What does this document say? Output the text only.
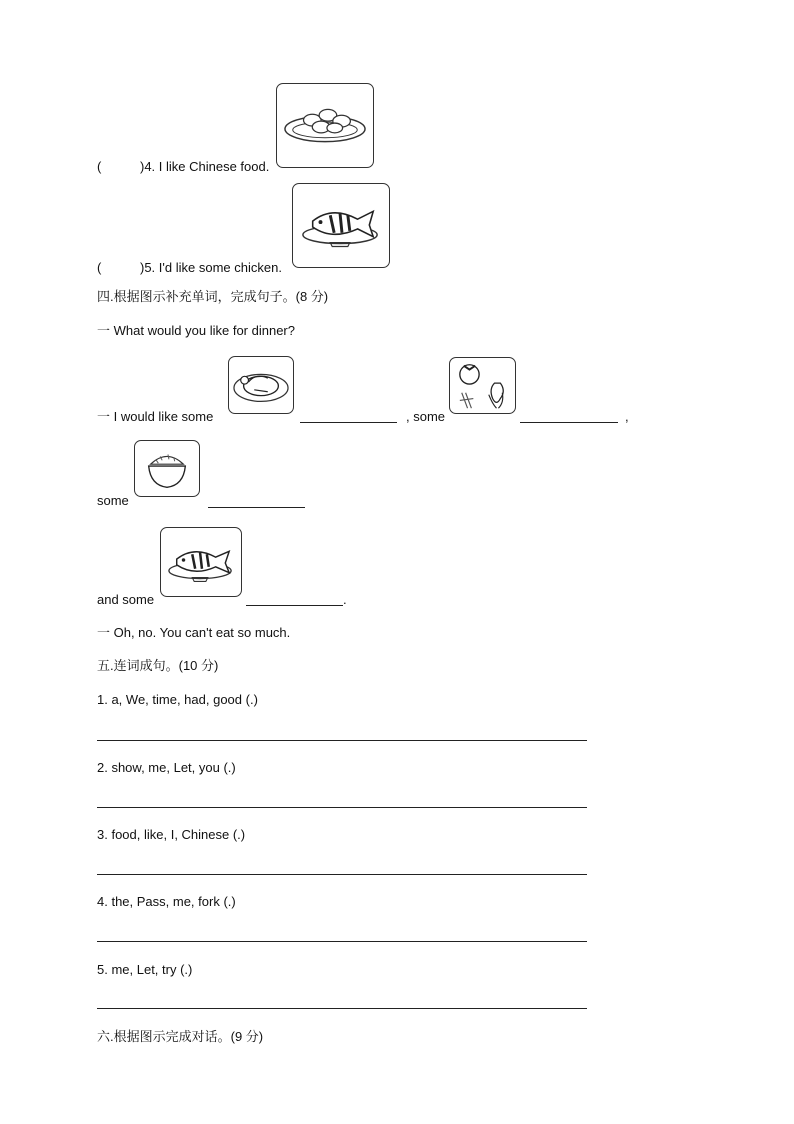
(	)4. I like Chinese food.
(	)5. I'd like some chicken.
四.根据图示补充单词，完成句子。(8 分)
一 What would you like for dinner?
一 I would like some	, some	,
some
and some	.
一 Oh, no. You can't eat so much.
五.连词成句。(10 分)
1. a, We, time, had, good (.)
2. show, me, Let, you (.)
3. food, like, I, Chinese (.)
4. the, Pass, me, fork (.)
5. me, Let, try (.)
六.根据图示完成对话。(9 分)
